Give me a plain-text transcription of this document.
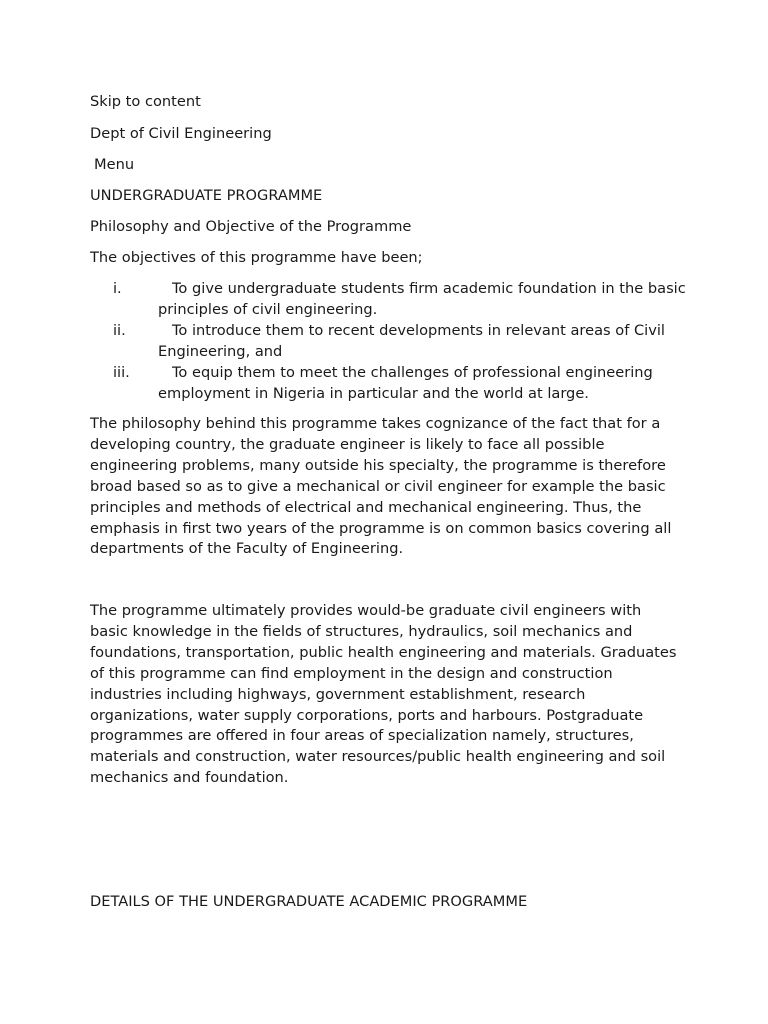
Skip to content
Dept of Civil Engineering
Menu
UNDERGRADUATE PROGRAMME
Philosophy and Objective of the Programme
The objectives of this programme have been;
i.	To give undergraduate students firm academic foundation in the basic principles of civil engineering.
ii.	To introduce them to recent developments in relevant areas of Civil Engineering, and
iii.	To equip them to meet the challenges of professional engineering employment in Nigeria in particular and the world at large.

The philosophy behind this programme takes cognizance of the fact that for a developing country, the graduate engineer is likely to face all possible engineering problems, many outside his specialty, the programme is therefore broad based so as to give a mechanical or civil engineer for example the basic principles and methods of electrical and mechanical engineering. Thus, the emphasis in first two years of the programme is on common basics covering all departments of the Faculty of Engineering.

The programme ultimately provides would-be graduate civil engineers with basic knowledge in the fields of structures, hydraulics, soil mechanics and foundations, transportation, public health engineering and materials. Graduates of this programme can find employment in the design and construction industries including highways, government establishment, research organizations, water supply corporations, ports and harbours. Postgraduate programmes are offered in four areas of specialization namely, structures, materials and construction, water resources/public health engineering and soil mechanics and foundation.

DETAILS OF THE UNDERGRADUATE ACADEMIC PROGRAMME
